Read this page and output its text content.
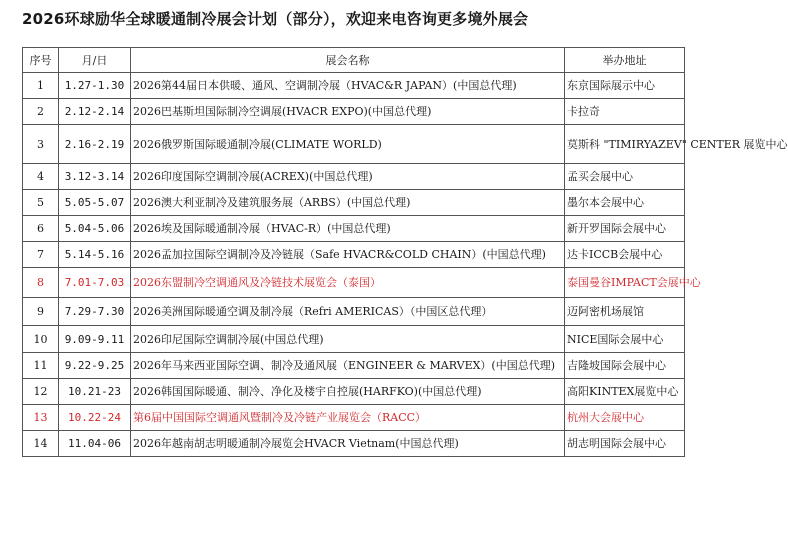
2026环球励华全球暖通制冷展会计划（部分），欢迎来电咨询更多境外展会
序号	月/日	展会名称	举办地址
1	1.27-1.30	2026第44届日本供暖、通风、空调制冷展（HVAC&R JAPAN）(中国总代理)	东京国际展示中心
2	2.12-2.14	2026巴基斯坦国际制冷空调展(HVACR EXPO)(中国总代理)	卡拉奇
3	2.16-2.19	2026俄罗斯国际暖通制冷展(CLIMATE WORLD)	莫斯科 "TIMIRYAZEV" CENTER 展览中心
4	3.12-3.14	2026印度国际空调制冷展(ACREX)(中国总代理)	孟买会展中心
5	5.05-5.07	2026澳大利亚制冷及建筑服务展（ARBS）(中国总代理)	墨尔本会展中心
6	5.04-5.06	2026埃及国际暖通制冷展（HVAC-R）(中国总代理)	新开罗国际会展中心
7	5.14-5.16	2026孟加拉国际空调制冷及冷链展（Safe HVACR&COLD CHAIN）(中国总代理)	达卡ICCB会展中心
8	7.01-7.03	2026东盟制冷空调通风及冷链技术展览会（泰国）	泰国曼谷IMPACT会展中心
9	7.29-7.30	2026美洲国际暖通空调及制冷展（Refri AMERICAS）（中国区总代理）	迈阿密机场展馆
10	9.09-9.11	2026印尼国际空调制冷展(中国总代理)	NICE国际会展中心
11	9.22-9.25	2026年马来西亚国际空调、制冷及通风展（ENGINEER & MARVEX）(中国总代理)	吉隆坡国际会展中心
12	10.21-23	2026韩国国际暖通、制冷、净化及楼宇自控展(HARFKO)(中国总代理)	高阳KINTEX展览中心
13	10.22-24	第6届中国国际空调通风暨制冷及冷链产业展览会（RACC）	杭州大会展中心
14	11.04-06	2026年越南胡志明暖通制冷展览会HVACR Vietnam(中国总代理)	胡志明国际会展中心
